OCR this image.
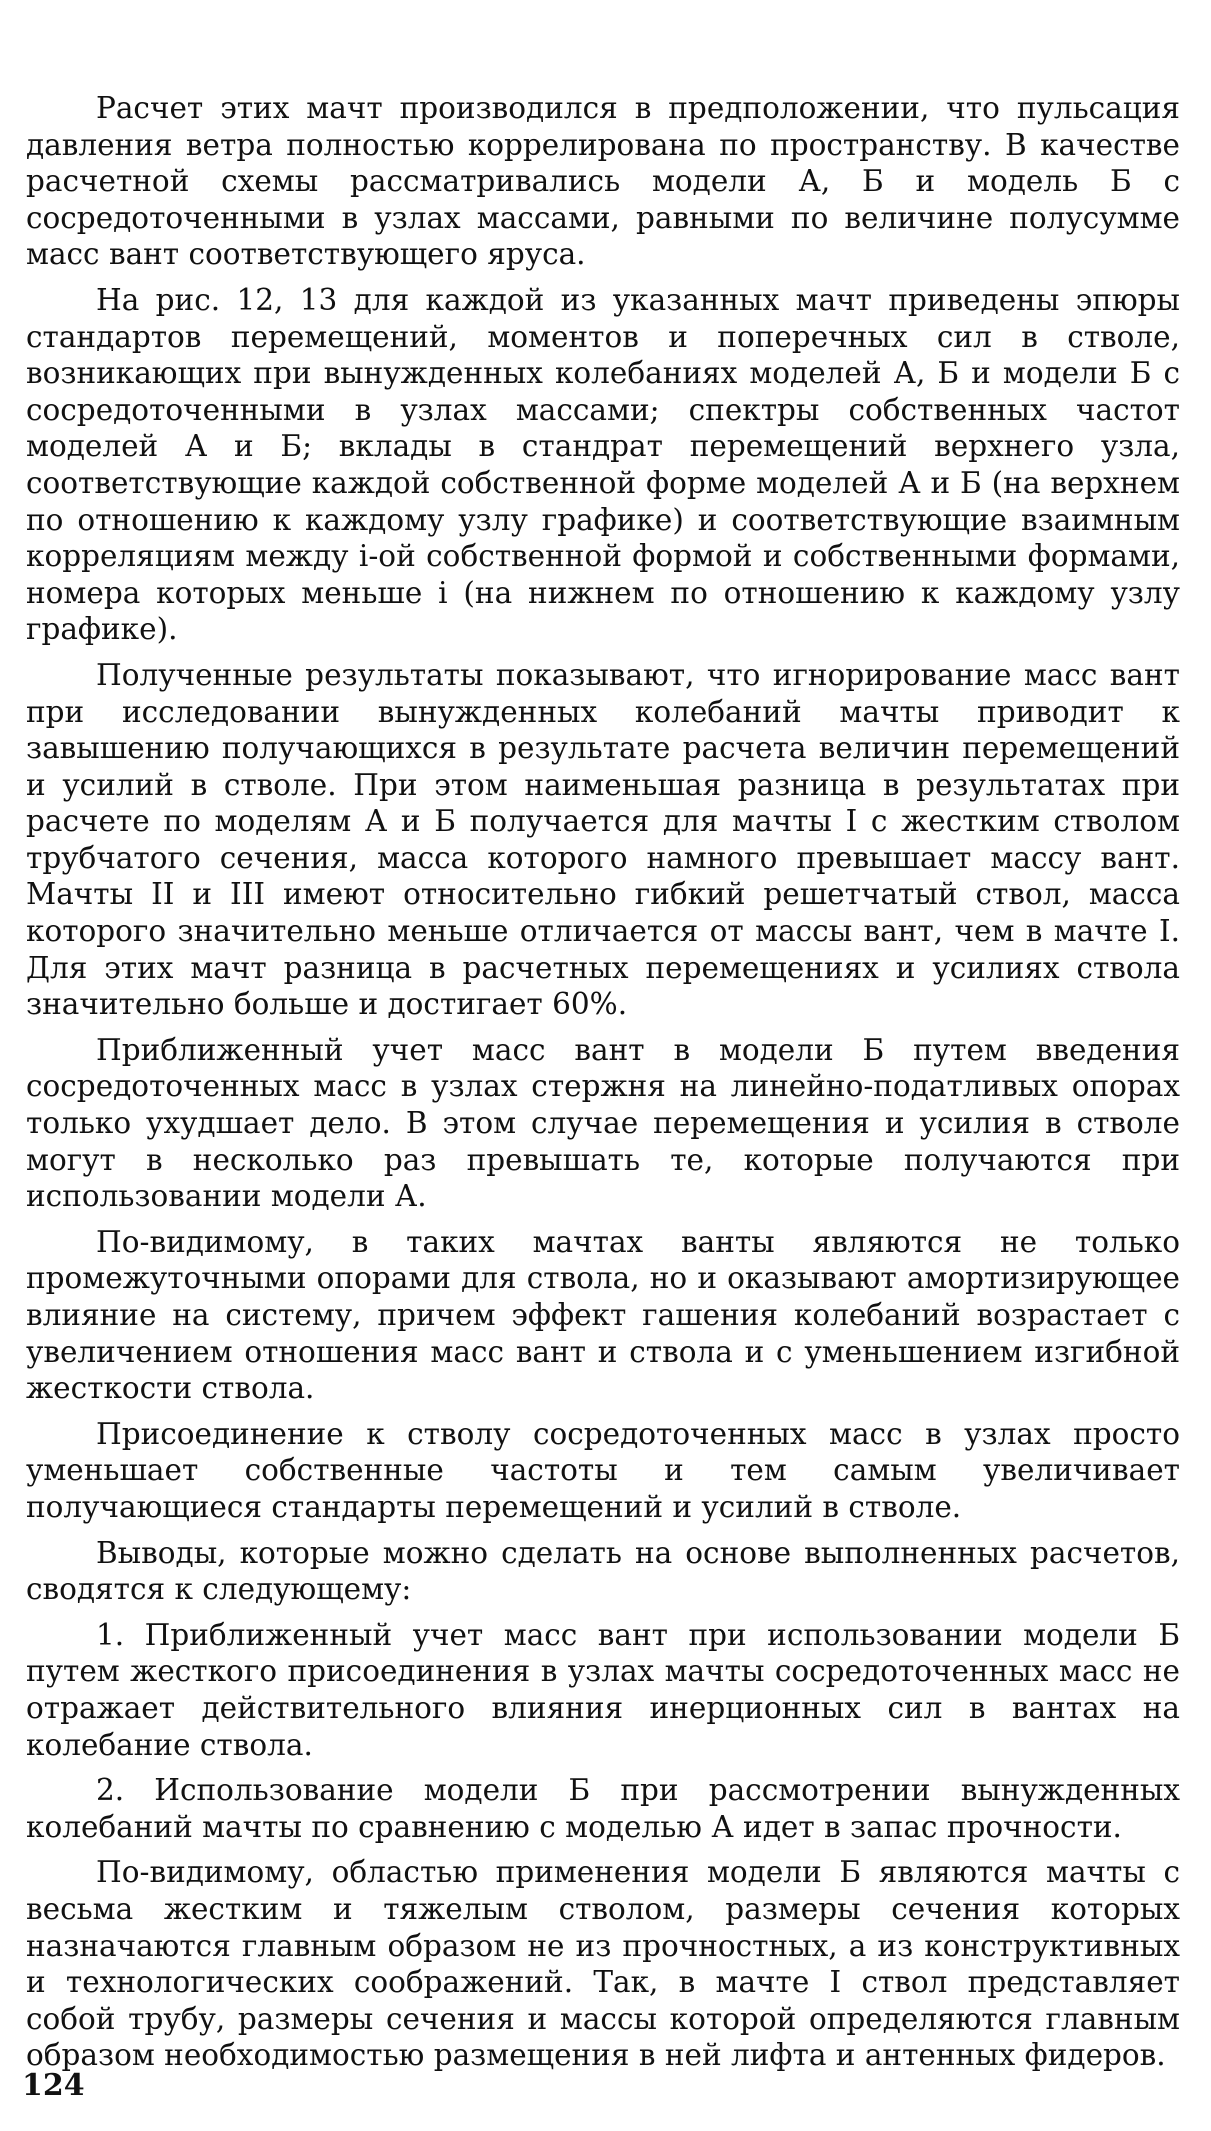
Расчет этих мачт производился в предположении, что пульсация давления ветра полностью коррелирована по пространству. В качестве расчетной схемы рассматривались модели А, Б и модель Б с сосредоточенными в узлах массами, равными по величине полусумме масс вант соответствующего яруса.

На рис. 12, 13 для каждой из указанных мачт приведены эпюры стандартов перемещений, моментов и поперечных сил в стволе, возникающих при вынужденных колебаниях моделей А, Б и модели Б с сосредоточенными в узлах массами; спектры собственных частот моделей А и Б; вклады в стандрат перемещений верхнего узла, соответствующие каждой собственной форме моделей А и Б (на верхнем по отношению к каждому узлу графике) и соответствующие взаимным корреляциям между i-ой собственной формой и собственными формами, номера которых меньше i (на нижнем по отношению к каждому узлу графике).

Полученные результаты показывают, что игнорирование масс вант при исследовании вынужденных колебаний мачты приводит к завышению получающихся в результате расчета величин перемещений и усилий в стволе. При этом наименьшая разница в результатах при расчете по моделям А и Б получается для мачты I с жестким стволом трубчатого сечения, масса которого намного превышает массу вант. Мачты II и III имеют относительно гибкий решетчатый ствол, масса которого значительно меньше отличается от массы вант, чем в мачте I. Для этих мачт разница в расчетных перемещениях и усилиях ствола значительно больше и достигает 60%.

Приближенный учет масс вант в модели Б путем введения сосредоточенных масс в узлах стержня на линейно-податливых опорах только ухудшает дело. В этом случае перемещения и усилия в стволе могут в несколько раз превышать те, которые получаются при использовании модели А.

По-видимому, в таких мачтах ванты являются не только промежуточными опорами для ствола, но и оказывают амортизирующее влияние на систему, причем эффект гашения колебаний возрастает с увеличением отношения масс вант и ствола и с уменьшением изгибной жесткости ствола.

Присоединение к стволу сосредоточенных масс в узлах просто уменьшает собственные частоты и тем самым увеличивает получающиеся стандарты перемещений и усилий в стволе.

Выводы, которые можно сделать на основе выполненных расчетов, сводятся к следующему:

1. Приближенный учет масс вант при использовании модели Б путем жесткого присоединения в узлах мачты сосредоточенных масс не отражает действительного влияния инерционных сил в вантах на колебание ствола.

2. Использование модели Б при рассмотрении вынужденных колебаний мачты по сравнению с моделью А идет в запас прочности.

По-видимому, областью применения модели Б являются мачты с весьма жестким и тяжелым стволом, размеры сечения которых назначаются главным образом не из прочностных, а из конструктивных и технологических соображений. Так, в мачте I ствол представляет собой трубу, размеры сечения и массы которой определяются главным образом необходимостью размещения в ней лифта и антенных фидеров.

124
